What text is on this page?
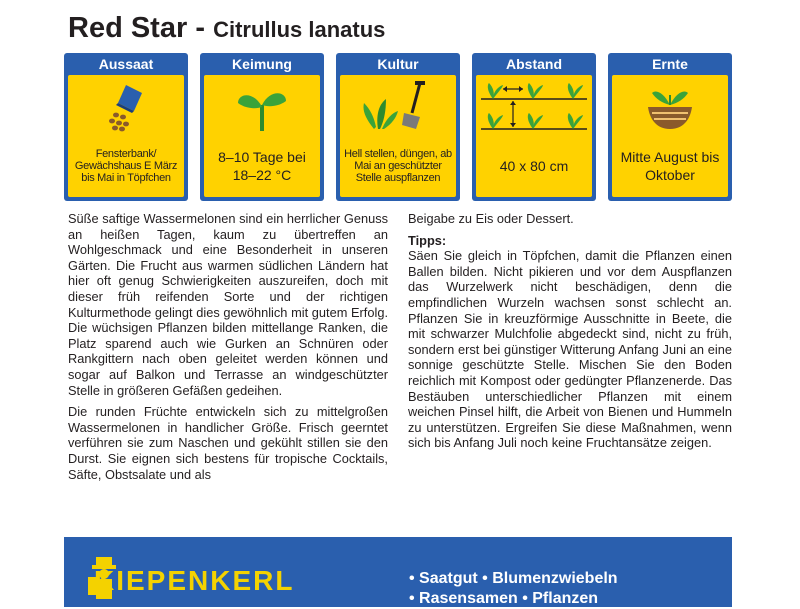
Red Star - Citrullus lanatus
Aussaat
Fensterbank/ Gewächshaus E März bis Mai in Töpfchen
Keimung
8–10 Tage bei 18–22 °C
Kultur
Hell stellen, düngen, ab Mai an geschützter Stelle auspflanzen
Abstand
40 x 80 cm
Ernte
Mitte August bis Oktober

Süße saftige Wassermelonen sind ein herrlicher Genuss an heißen Tagen, kaum zu übertreffen an Wohlgeschmack und eine Besonderheit in unseren Gärten. Die Frucht aus warmen südlichen Ländern hat hier oft genug Schwierigkeiten auszureifen, doch mit dieser früh reifenden Sorte und der richtigen Kulturmethode gelingt dies gewöhnlich mit gutem Erfolg. Die wüchsigen Pflanzen bilden mittellange Ranken, die Platz sparend auch wie Gurken an Schnüren oder Rankgittern nach oben geleitet werden können und sogar auf Balkon und Terrasse an windgeschützter Stelle in größeren Gefäßen gedeihen.

Die runden Früchte entwickeln sich zu mittelgroßen Wassermelonen in handlicher Größe. Frisch geerntet verführen sie zum Naschen und gekühlt stillen sie den Durst. Sie eignen sich bestens für tropische Cocktails, Säfte, Obstsalate und als

Beigabe zu Eis oder Dessert.

Tipps:

Säen Sie gleich in Töpfchen, damit die Pflanzen einen Ballen bilden. Nicht pikieren und vor dem Auspflanzen das Wurzelwerk nicht beschädigen, denn die empfindlichen Wurzeln wachsen sonst schlecht an. Pflanzen Sie in kreuzförmige Ausschnitte in Beete, die mit schwarzer Mulchfolie abgedeckt sind, nicht zu früh, sondern erst bei günstiger Witterung Anfang Juni an eine sonnige geschützte Stelle. Mischen Sie den Boden reichlich mit Kompost oder gedüngter Pflanzenerde. Das Bestäuben unterschiedlicher Pflanzen mit einem weichen Pinsel hilft, die Arbeit von Bienen und Hummeln zu unterstützen. Ergreifen Sie diese Maßnahmen, wenn sich bis Anfang Juli noch keine Fruchtansätze zeigen.

KIEPENKERL	• Saatgut • Blumenzwiebeln
• Rasensamen • Pflanzen
